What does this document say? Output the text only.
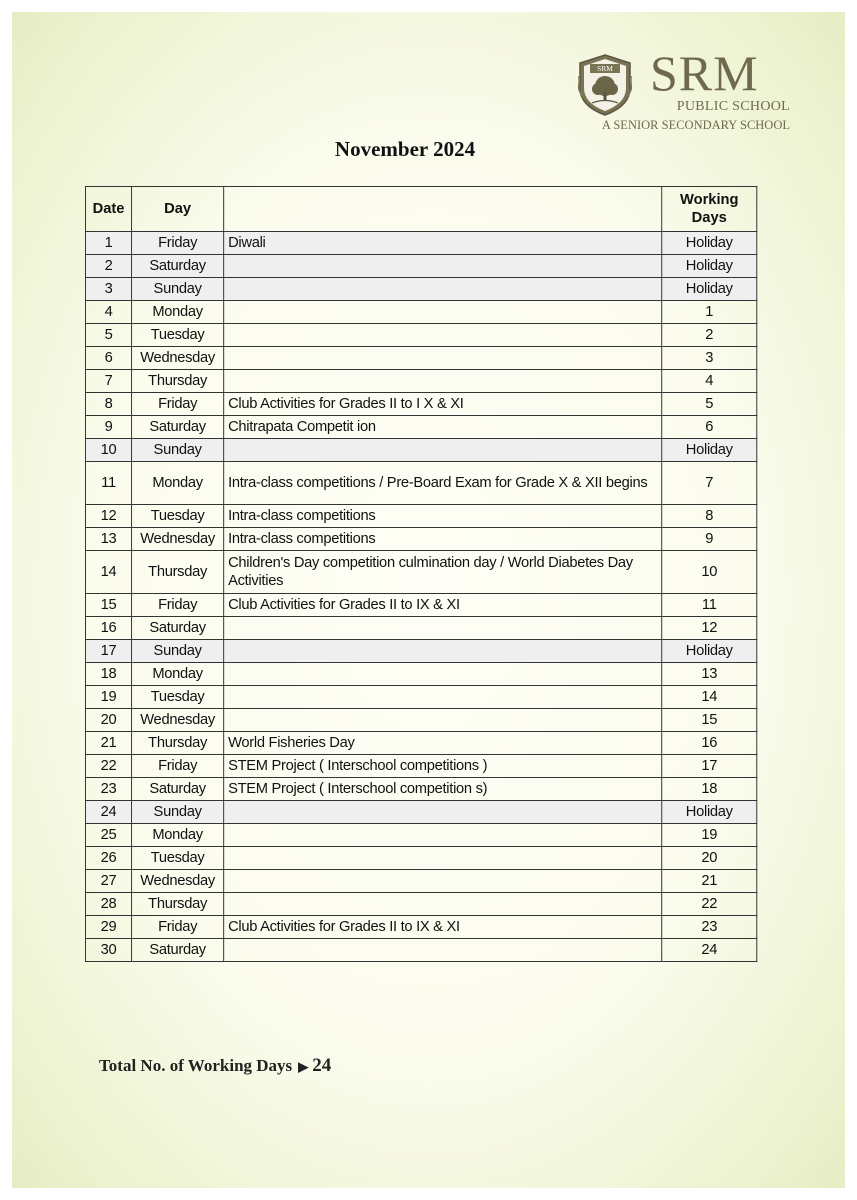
SRM SRM
PUBLIC SCHOOL
A SENIOR SECONDARY SCHOOL
November 2024
Date	Day		Working Days
1	Friday	Diwali	Holiday
2	Saturday		Holiday
3	Sunday		Holiday
4	Monday		1
5	Tuesday		2
6	Wednesday		3
7	Thursday		4
8	Friday	Club Activities for Grades II to I X & XI	5
9	Saturday	Chitrapata Competit ion	6
10	Sunday		Holiday
11	Monday	Intra-class competitions / Pre-Board Exam for Grade X & XII begins	7
12	Tuesday	Intra-class competitions	8
13	Wednesday	Intra-class competitions	9
14	Thursday	Children's Day competition culmination day / World Diabetes Day Activities	10
15	Friday	Club Activities for Grades II to IX & XI	11
16	Saturday		12
17	Sunday		Holiday
18	Monday		13
19	Tuesday		14
20	Wednesday		15
21	Thursday	World Fisheries Day	16
22	Friday	STEM Project ( Interschool competitions )	17
23	Saturday	STEM Project ( Interschool competition s)	18
24	Sunday		Holiday
25	Monday		19
26	Tuesday		20
27	Wednesday		21
28	Thursday		22
29	Friday	Club Activities for Grades II to IX & XI	23
30	Saturday		24
Total No. of Working Days ▶ 24
